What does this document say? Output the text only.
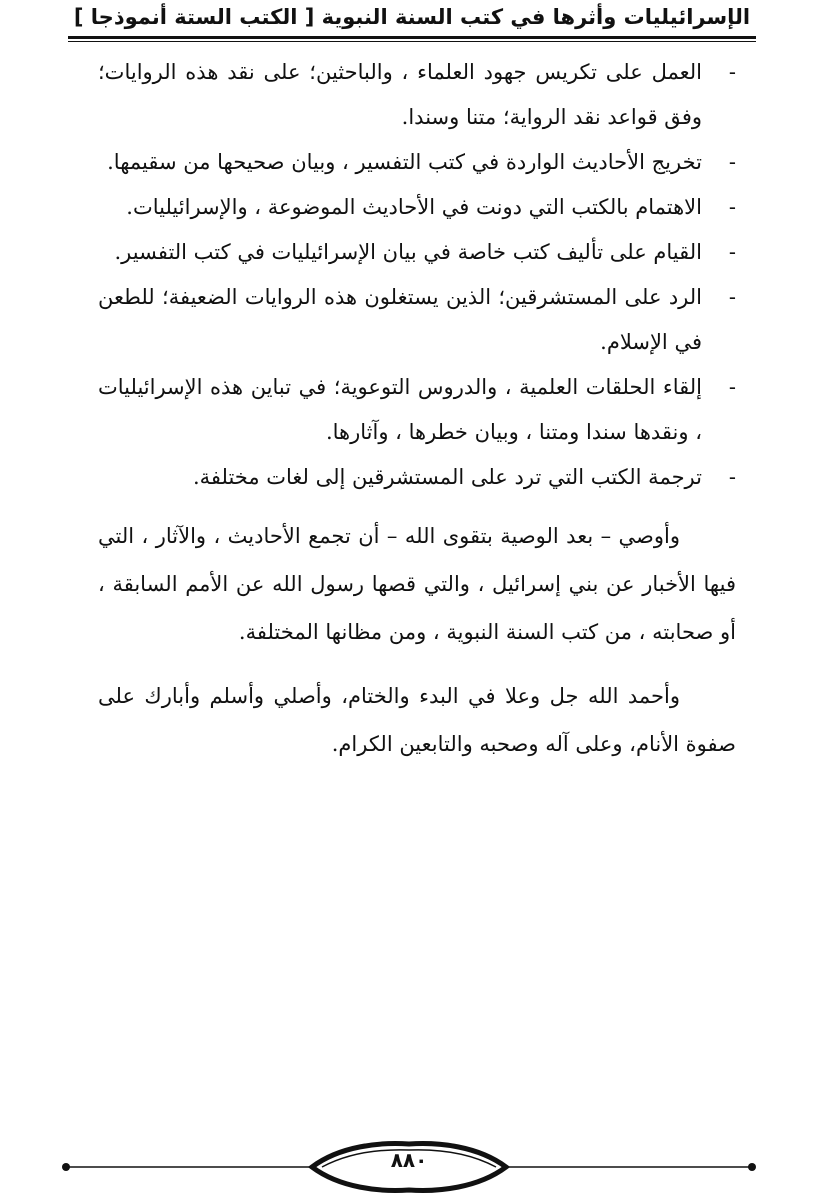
الإسرائيليات وأثرها في كتب السنة النبوية [ الكتب الستة أنموذجا ]
-
العمل على تكريس جهود العلماء ، والباحثين؛ على نقد هذه الروايات؛ وفق قواعد نقد الرواية؛ متنا وسندا.
-
تخريج الأحاديث الواردة في كتب التفسير ، وبيان صحيحها من سقيمها.
-
الاهتمام بالكتب التي دونت في الأحاديث الموضوعة ، والإسرائيليات.
-
القيام على تأليف كتب خاصة في بيان الإسرائيليات في كتب التفسير.
-
الرد على المستشرقين؛ الذين يستغلون هذه الروايات الضعيفة؛ للطعن في الإسلام.
-
إلقاء الحلقات العلمية ، والدروس التوعوية؛ في تباين هذه الإسرائيليات ، ونقدها سندا ومتنا ، وبيان خطرها ، وآثارها.
-
ترجمة الكتب التي ترد على المستشرقين إلى لغات مختلفة.

وأوصي – بعد الوصية بتقوى الله – أن تجمع الأحاديث ، والآثار ، التي فيها الأخبار عن بني إسرائيل ، والتي قصها رسول الله عن الأمم السابقة ، أو صحابته ، من كتب السنة النبوية ، ومن مظانها المختلفة.

وأحمد الله جل وعلا في البدء والختام، وأصلي وأسلم وأبارك على صفوة الأنام، وعلى آله وصحبه والتابعين الكرام.

٨٨٠
